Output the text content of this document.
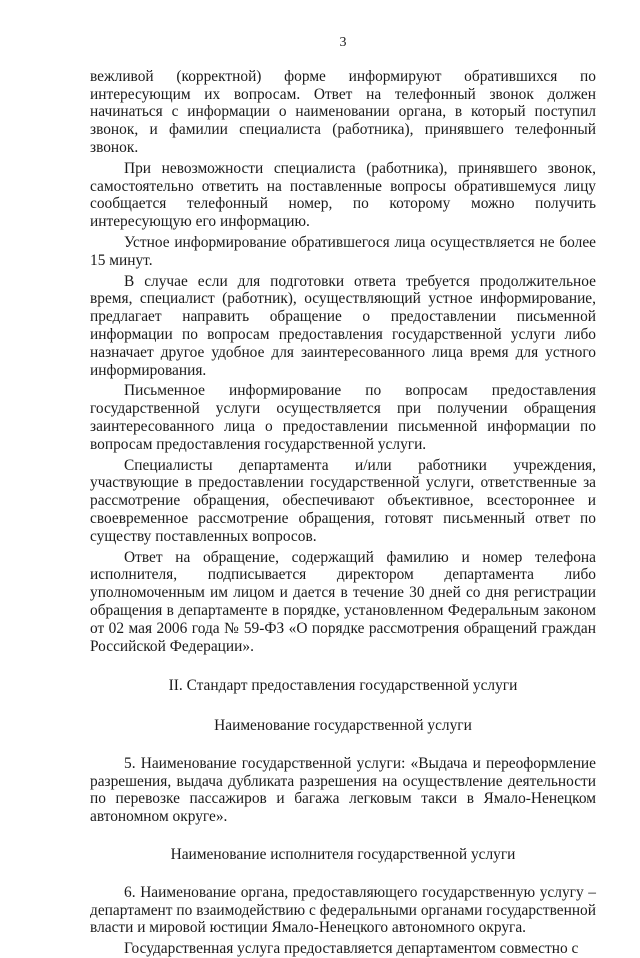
3

вежливой (корректной) форме информируют обратившихся по интересующим их вопросам. Ответ на телефонный звонок должен начинаться с информации о наименовании органа, в который поступил звонок, и фамилии специалиста (работника), принявшего телефонный звонок.

При невозможности специалиста (работника), принявшего звонок, самостоятельно ответить на поставленные вопросы обратившемуся лицу сообщается телефонный номер, по которому можно получить интересующую его информацию.

Устное информирование обратившегося лица осуществляется не более 15 минут.

В случае если для подготовки ответа требуется продолжительное время, специалист (работник), осуществляющий устное информирование, предлагает направить обращение о предоставлении письменной информации по вопросам предоставления государственной услуги либо назначает другое удобное для заинтересованного лица время для устного информирования.

Письменное информирование по вопросам предоставления государственной услуги осуществляется при получении обращения заинтересованного лица о предоставлении письменной информации по вопросам предоставления государственной услуги.

Специалисты департамента и/или работники учреждения, участвующие в предоставлении государственной услуги, ответственные за рассмотрение обращения, обеспечивают объективное, всестороннее и своевременное рассмотрение обращения, готовят письменный ответ по существу поставленных вопросов.

Ответ на обращение, содержащий фамилию и номер телефона исполнителя, подписывается директором департамента либо уполномоченным им лицом и дается в течение 30 дней со дня регистрации обращения в департаменте в порядке, установленном Федеральным законом от 02 мая 2006 года № 59-ФЗ «О порядке рассмотрения обращений граждан Российской Федерации».

II. Стандарт предоставления государственной услуги
Наименование государственной услуги

5. Наименование государственной услуги: «Выдача и переоформление разрешения, выдача дубликата разрешения на осуществление деятельности по перевозке пассажиров и багажа легковым такси в Ямало-Ненецком автономном округе».

Наименование исполнителя государственной услуги

6. Наименование органа, предоставляющего государственную услугу – департамент по взаимодействию с федеральными органами государственной власти и мировой юстиции Ямало-Ненецкого автономного округа.

Государственная услуга предоставляется департаментом совместно с
